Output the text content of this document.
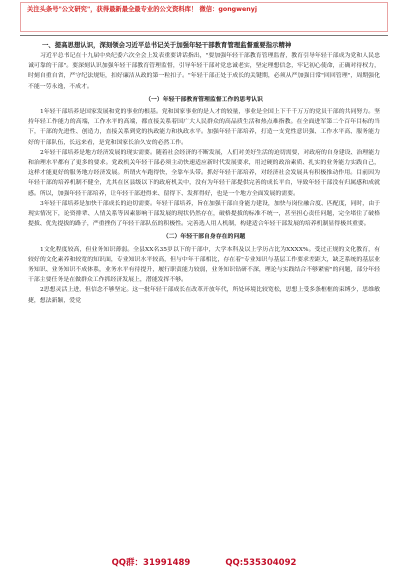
关注头条号"公文研究"，获得最新最全最专业的公文资料库！ 微信：gongwenyj

一、提高思想认识，深刻领会习近平总书记关于加强年轻干部教育管理监督重要指示精神

习近平总书记在十九届中央纪委六次全会上发表重要讲话指出，"要加强年轻干部教育管理监督，教育引导年轻干部成为党和人民忠诚可靠的干部"。要深刻认识加强年轻干部教育管理监督，引导年轻干部对党忠诚老实，坚定理想信念，牢记初心使命，正确对待权力，时刻自重自省，严守纪法规矩，扣好廉洁从政的第一粒扣子。"年轻干部正处于成长的关键期，必须从严加强日常"回回管理"，周期强化不能一劳永逸，不成才。

（一）年轻干部教育管理监督工作的思考认识

1年轻干部培养是国家发展和党的事业的根基。党和国家事业的是人才的较量，事业是全国上下千千万万的党员干部的共同努力。坚持年轻工作能力的高端，工作水平的高端，都直接关系着国广大人民群众的高品质生活和热点难指教。在全面进军第二个百年目标的当下，干部的先进性、创造力，直接关系到党的执政能力和执政水平。加强年轻干部培养，打造一支党性意识强、工作水平高、服务能力好的干部队伍，长远来看，是党和国家长治久安的必然工作。

2年轻干部培养是地方经济发展的现实需要。随着社会经济的不断发展，人们对美好生活的迫切需要，对政府的自身建设、治理能力和治理水平都有了更多的要求。党政机关年轻干部必须主动快速适应新时代发展要求，用过硬的政治素质、扎实的业务能力实践自己，这样才能更好的服务地方经济发展。所谓火车跑得快，全靠车头带。抓好年轻干部培养，对经济社会发展具有积极推动作用。目前因为年轻干部的培养机制不健全，尤其在区县级以下的政府机关中，没有为年轻干部提供完善的成长平台，导致年轻干部没有归属感和成就感。所以，加强年轻干部培养，让年轻干部进得来、留得下、发挥得好，也是一个地方全面发展的需要。

3年轻干部培养是加快干部成长的迫切需要。年轻干部培养，旨在加强干部自身能力建设，加快与岗位融合度、匹配度，同时，由于现实情况下，论资排辈、人情关系等因素影响干部发展的现状仍然存在，破格提拔的标准不统一，甚至担心责任问题，完全堵住了破格提拔、优先提拔的路子，严重挫伤了年轻干部队伍的积极性。完善选人用人机制，构建适合年轻干部发展的培养机制显得极其重要。

（二）年轻干部自身存在的问题

1文化程度较高，但业务知识薄弱。全县XX名35岁以下的干部中，大学本科及以上学历占比为XXXX%。受过正规的文化教育，有较好的文化素养和较宽的知识面，专业知识水平较高，但与中年干部相比，存在着"专业知识与基层工作要求差距大，缺乏系统的基层业务知识、业务知识不成体系，业务水平有待提升，履行职责能力较弱，业务知识钻研不深，理论与实践结合不够紧密"的问题，部分年轻干部主要任务是在做群众工作抓经济发展上，潜能发挥不够。

2思想灵活上进，但信念不够坚定。这一批年轻干部成长在改革开放年代，所处环境比较宽松，思想上受多条框框的束缚少，思维敏捷，想法新颖，爱党

QQ群：31991489	QQ:535304092
